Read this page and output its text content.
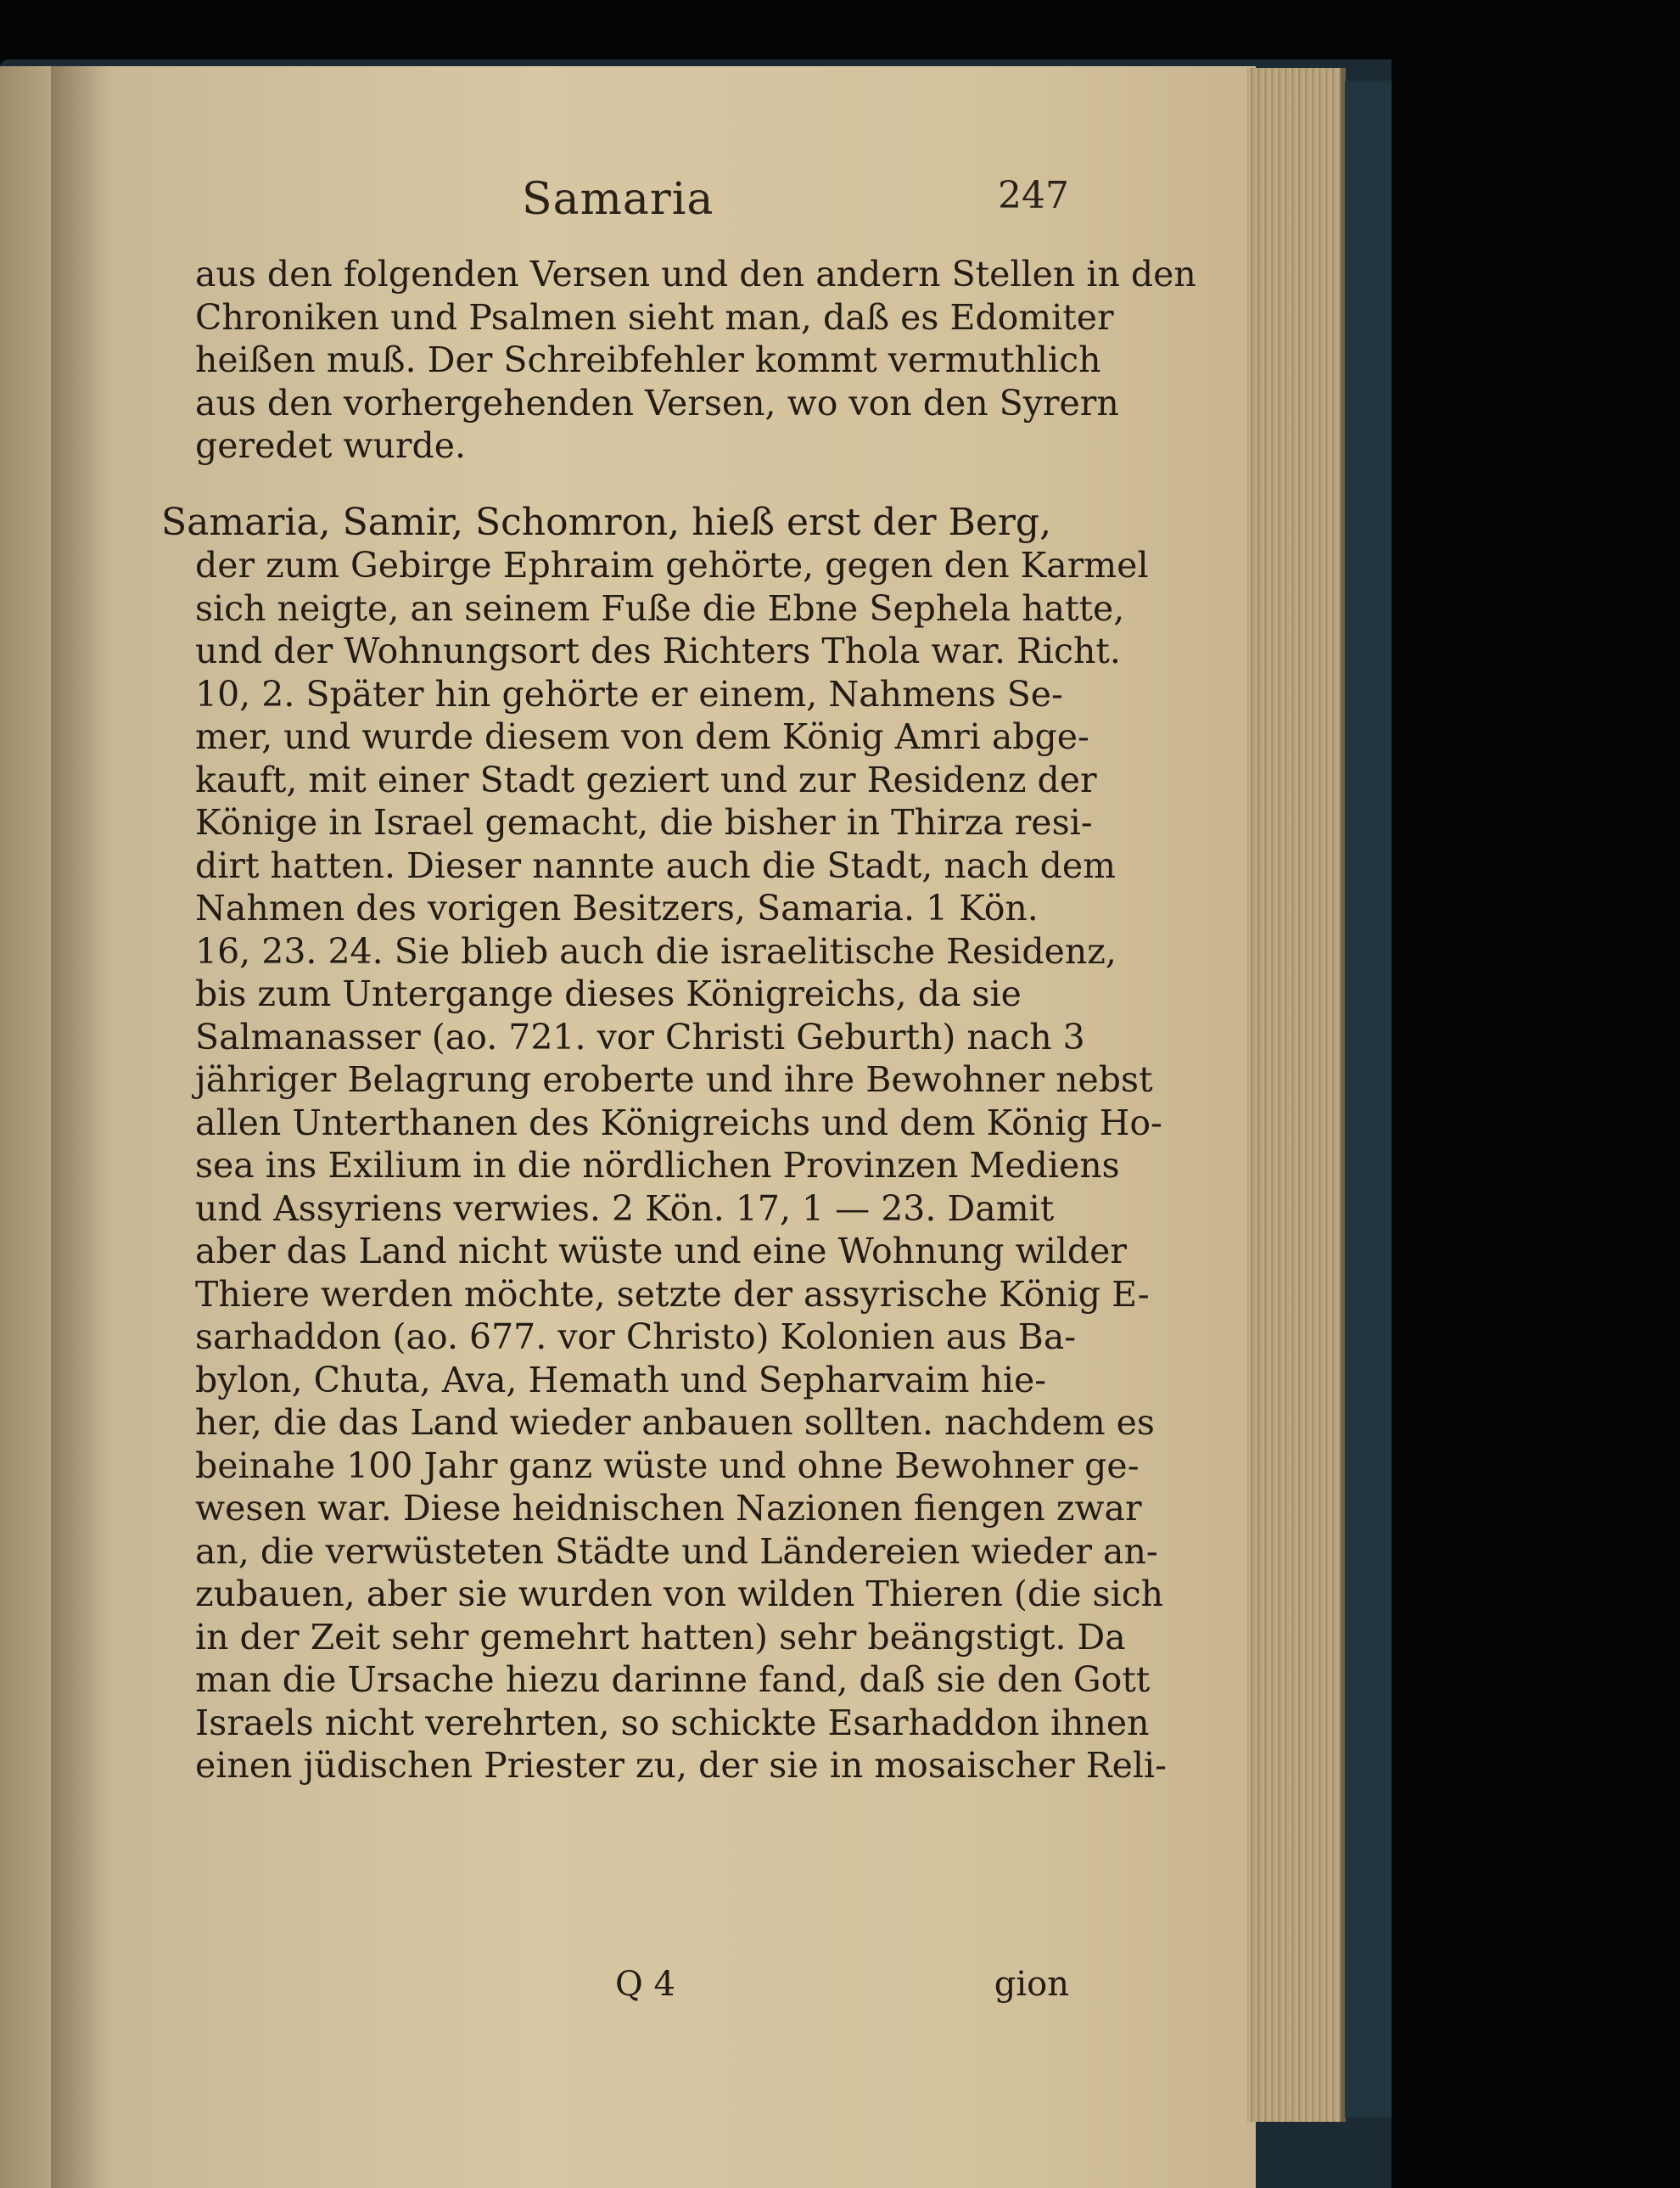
Samaria	247
aus den folgenden Versen und den andern Stellen in den
Chroniken und Psalmen sieht man, daß es Edomiter
heißen muß. Der Schreibfehler kommt vermuthlich
aus den vorhergehenden Versen, wo von den Syrern
geredet wurde.
Samaria, Samir, Schomron, hieß erst der Berg,
der zum Gebirge Ephraim gehörte, gegen den Karmel
sich neigte, an seinem Fuße die Ebne Sephela hatte,
und der Wohnungsort des Richters Thola war. Richt.
10, 2. Später hin gehörte er einem, Nahmens Se-
mer, und wurde diesem von dem König Amri abge-
kauft, mit einer Stadt geziert und zur Residenz der
Könige in Israel gemacht, die bisher in Thirza resi-
dirt hatten. Dieser nannte auch die Stadt, nach dem
Nahmen des vorigen Besitzers, Samaria. 1 Kön.
16, 23. 24. Sie blieb auch die israelitische Residenz,
bis zum Untergange dieses Königreichs, da sie
Salmanasser (ao. 721. vor Christi Geburth) nach 3
jähriger Belagrung eroberte und ihre Bewohner nebst
allen Unterthanen des Königreichs und dem König Ho-
sea ins Exilium in die nördlichen Provinzen Mediens
und Assyriens verwies. 2 Kön. 17, 1 — 23. Damit
aber das Land nicht wüste und eine Wohnung wilder
Thiere werden möchte, setzte der assyrische König E-
sarhaddon (ao. 677. vor Christo) Kolonien aus Ba-
bylon, Chuta, Ava, Hemath und Sepharvaim hie-
her, die das Land wieder anbauen sollten. nachdem es
beinahe 100 Jahr ganz wüste und ohne Bewohner ge-
wesen war. Diese heidnischen Nazionen fiengen zwar
an, die verwüsteten Städte und Ländereien wieder an-
zubauen, aber sie wurden von wilden Thieren (die sich
in der Zeit sehr gemehrt hatten) sehr beängstigt. Da
man die Ursache hiezu darinne fand, daß sie den Gott
Israels nicht verehrten, so schickte Esarhaddon ihnen
einen jüdischen Priester zu, der sie in mosaischer Reli-
Q 4	gion
